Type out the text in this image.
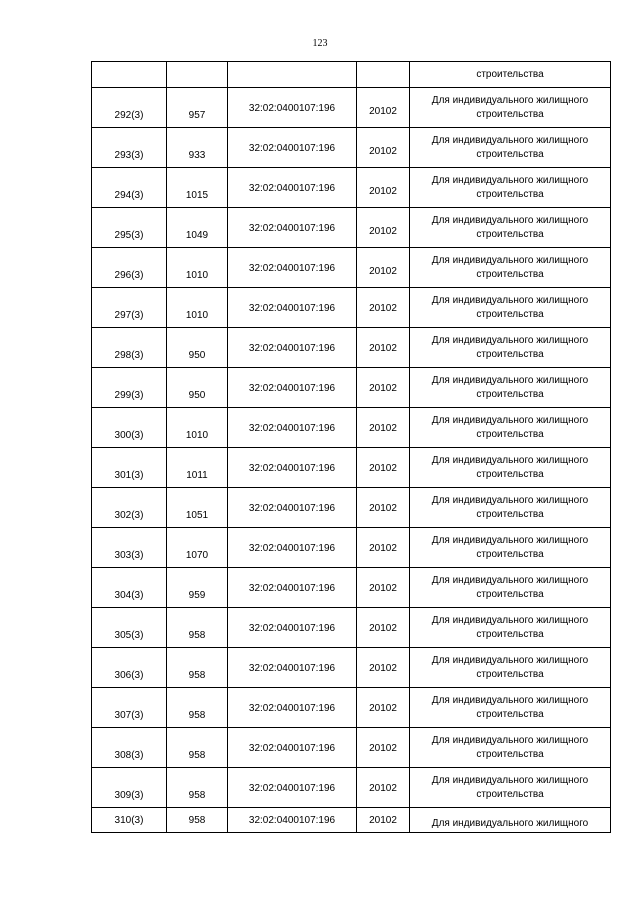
123

				строительства

292(3)	957	32:02:0400107:196	20102	Для индивидуального жилищного
строительства

293(3)	933	32:02:0400107:196	20102	Для индивидуального жилищного
строительства

294(3)	1015	32:02:0400107:196	20102	Для индивидуального жилищного
строительства

295(3)	1049	32:02:0400107:196	20102	Для индивидуального жилищного
строительства

296(3)	1010	32:02:0400107:196	20102	Для индивидуального жилищного
строительства

297(3)	1010	32:02:0400107:196	20102	Для индивидуального жилищного
строительства

298(3)	950	32:02:0400107:196	20102	Для индивидуального жилищного
строительства

299(3)	950	32:02:0400107:196	20102	Для индивидуального жилищного
строительства

300(3)	1010	32:02:0400107:196	20102	Для индивидуального жилищного
строительства

301(3)	1011	32:02:0400107:196	20102	Для индивидуального жилищного
строительства

302(3)	1051	32:02:0400107:196	20102	Для индивидуального жилищного
строительства

303(3)	1070	32:02:0400107:196	20102	Для индивидуального жилищного
строительства

304(3)	959	32:02:0400107:196	20102	Для индивидуального жилищного
строительства

305(3)	958	32:02:0400107:196	20102	Для индивидуального жилищного
строительства

306(3)	958	32:02:0400107:196	20102	Для индивидуального жилищного
строительства

307(3)	958	32:02:0400107:196	20102	Для индивидуального жилищного
строительства

308(3)	958	32:02:0400107:196	20102	Для индивидуального жилищного
строительства

309(3)	958	32:02:0400107:196	20102	Для индивидуального жилищного
строительства

310(3)	958	32:02:0400107:196	20102	Для индивидуального жилищного
